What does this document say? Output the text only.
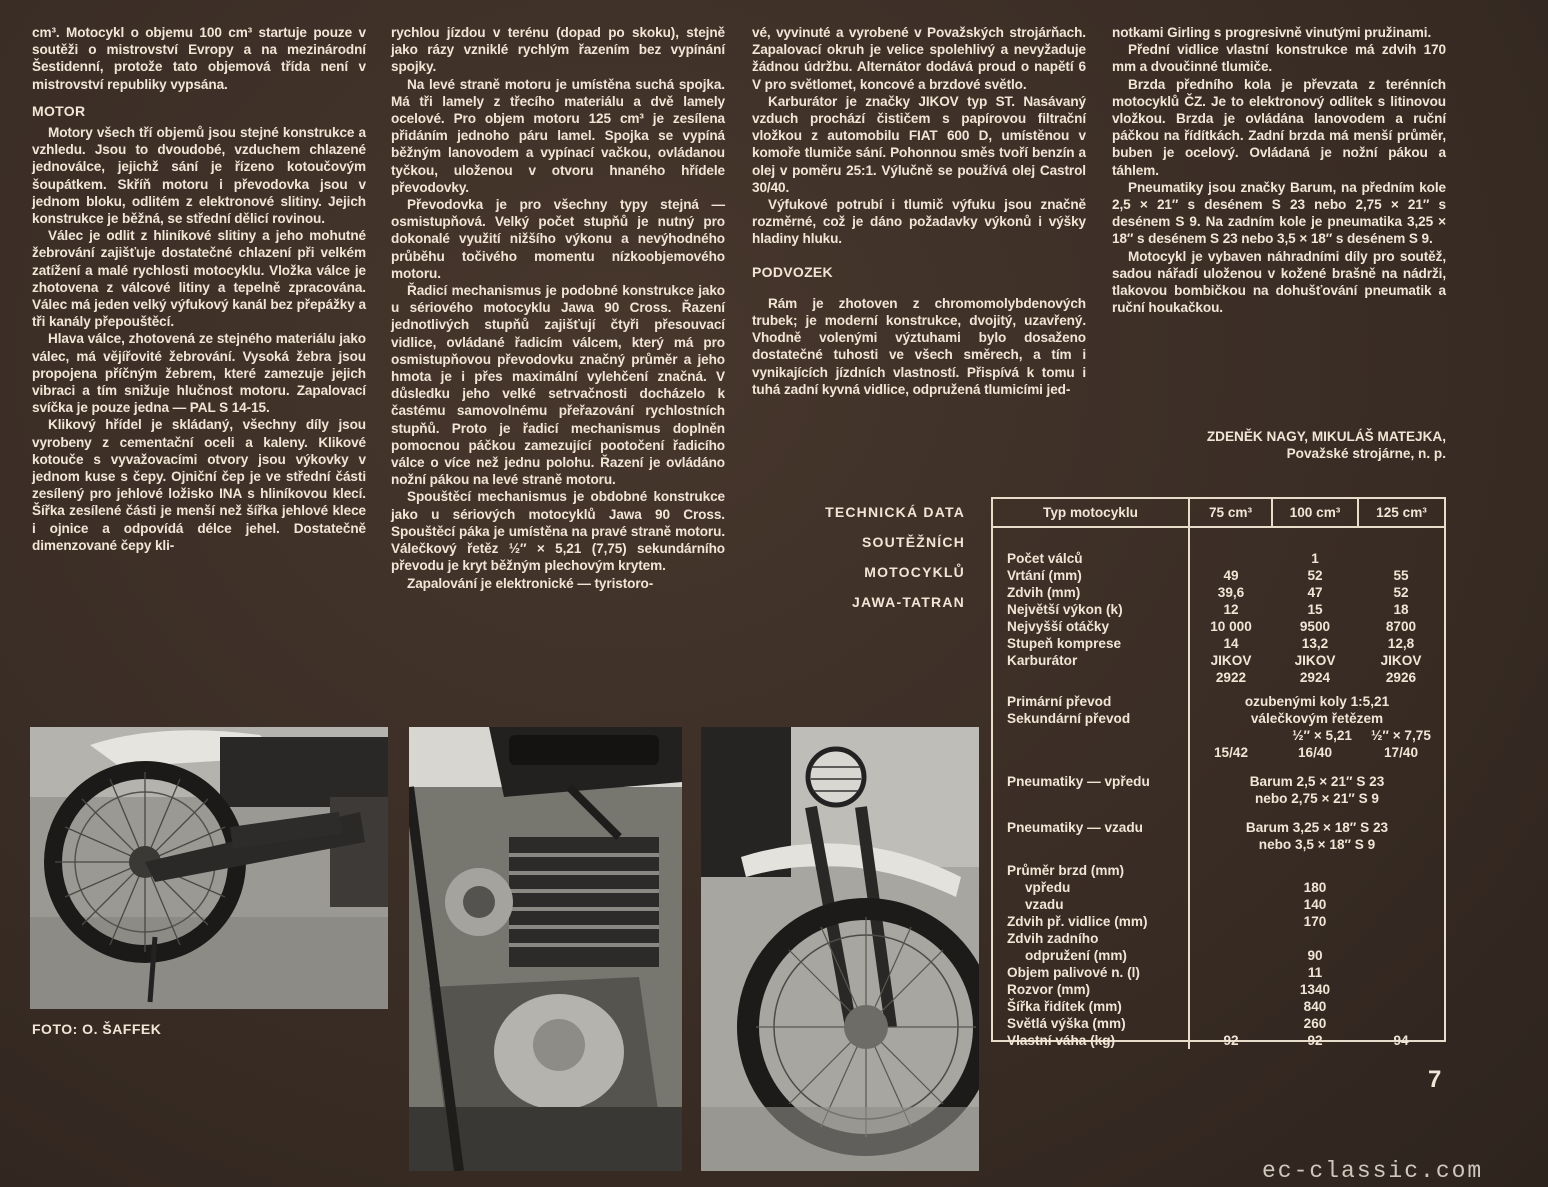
cm³. Motocykl o objemu 100 cm³ startuje pouze v soutěži o mistrovství Evropy a na mezinárodní Šestidenní, protože tato objemová třída není v mistrovství republiky vypsána.

MOTOR

Motory všech tří objemů jsou stejné konstrukce a vzhledu. Jsou to dvoudobé, vzduchem chlazené jednoválce, jejichž sání je řízeno kotoučovým šoupátkem. Skříň motoru i převodovka jsou v jednom bloku, odlitém z elektronové slitiny. Jejich konstrukce je běžná, se střední dělicí rovinou.

Válec je odlit z hliníkové slitiny a jeho mohutné žebrování zajišťuje dostatečné chlazení při velkém zatížení a malé rychlosti motocyklu. Vložka válce je zhotovena z válcové litiny a tepelně zpracována. Válec má jeden velký výfukový kanál bez přepážky a tři kanály přepouštěcí.

Hlava válce, zhotovená ze stejného materiálu jako válec, má vějířovité žebrování. Vysoká žebra jsou propojena příčným žebrem, které zamezuje jejich vibraci a tím snižuje hlučnost motoru. Zapalovací svíčka je pouze jedna — PAL S 14-15.

Klikový hřídel je skládaný, všechny díly jsou vyrobeny z cementační oceli a kaleny. Klikové kotouče s vyvažovacími otvory jsou výkovky v jednom kuse s čepy. Ojniční čep je ve střední části zesílený pro jehlové ložisko INA s hliníkovou klecí. Šířka zesílené části je menší než šířka jehlové klece i ojnice a odpovídá délce jehel. Dostatečně dimenzované čepy kli-

rychlou jízdou v terénu (dopad po skoku), stejně jako rázy vzniklé rychlým řazením bez vypínání spojky.

Na levé straně motoru je umístěna suchá spojka. Má tři lamely z třecího materiálu a dvě lamely ocelové. Pro objem motoru 125 cm³ je zesílena přidáním jednoho páru lamel. Spojka se vypíná běžným lanovodem a vypínací vačkou, ovládanou tyčkou, uloženou v otvoru hnaného hřídele převodovky.

Převodovka je pro všechny typy stejná — osmistupňová. Velký počet stupňů je nutný pro dokonalé využití nižšího výkonu a nevýhodného průběhu točivého momentu nízkoobjemového motoru.

Řadicí mechanismus je podobné konstrukce jako u sériového motocyklu Jawa 90 Cross. Řazení jednotlivých stupňů zajišťují čtyři přesouvací vidlice, ovládané řadicím válcem, který má pro osmistupňovou převodovku značný průměr a jeho hmota je i přes maximální vylehčení značná. V důsledku jeho velké setrvačnosti docházelo k častému samovolnému přeřazování rychlostních stupňů. Proto je řadicí mechanismus doplněn pomocnou páčkou zamezující pootočení řadicího válce o více než jednu polohu. Řazení je ovládáno nožní pákou na levé straně motoru.

Spouštěcí mechanismus je obdobné konstrukce jako u sériových motocyklů Jawa 90 Cross. Spouštěcí páka je umístěna na pravé straně motoru. Válečkový řetěz ½″ × 5,21 (7,75) sekundárního převodu je kryt běžným plechovým krytem.

Zapalování je elektronické — tyristoro-

vé, vyvinuté a vyrobené v Považských strojárňach. Zapalovací okruh je velice spolehlivý a nevyžaduje žádnou údržbu. Alternátor dodává proud o napětí 6 V pro světlomet, koncové a brzdové světlo.

Karburátor je značky JIKOV typ ST. Nasávaný vzduch prochází čističem s papírovou filtrační vložkou z automobilu FIAT 600 D, umístěnou v komoře tlumiče sání. Pohonnou směs tvoří benzín a olej v poměru 25:1. Výlučně se používá olej Castrol 30/40.

Výfukové potrubí i tlumič výfuku jsou značně rozměrné, což je dáno požadavky výkonů i výšky hladiny hluku.

PODVOZEK

Rám je zhotoven z chromomolybdenových trubek; je moderní konstrukce, dvojitý, uzavřený. Vhodně volenými výztuhami bylo dosaženo dostatečné tuhosti ve všech směrech, a tím i vynikajících jízdních vlastností. Přispívá k tomu i tuhá zadní kyvná vidlice, odpružená tlumicími jed-

notkami Girling s progresivně vinutými pružinami.

Přední vidlice vlastní konstrukce má zdvih 170 mm a dvoučinné tlumiče.

Brzda předního kola je převzata z terénních motocyklů ČZ. Je to elektronový odlitek s litinovou vložkou. Brzda je ovládána lanovodem a ruční páčkou na řídítkách. Zadní brzda má menší průměr, buben je ocelový. Ovládaná je nožní pákou a táhlem.

Pneumatiky jsou značky Barum, na předním kole 2,5 × 21″ s desénem S 23 nebo 2,75 × 21″ s desénem S 9. Na zadním kole je pneumatika 3,25 × 18″ s desénem S 23 nebo 3,5 × 18″ s desénem S 9.

Motocykl je vybaven náhradními díly pro soutěž, sadou nářadí uloženou v kožené brašně na nádrži, tlakovou bombičkou na dohušťování pneumatik a ruční houkačkou.

ZDENĚK NAGY, MIKULÁŠ MATEJKA,
Považské strojárne, n. p.
TECHNICKÁ DATA
SOUTĚŽNÍCH
MOTOCYKLŮ
JAWA-TATRAN
Typ motocyklu	75 cm³	100 cm³	125 cm³

Počet válců		1	
Vrtání (mm)	49	52	55
Zdvih (mm)	39,6	47	52
Největší výkon (k)	12	15	18
Nejvyšší otáčky	10 000	9500	8700
Stupeň komprese	14	13,2	12,8
Karburátor	JIKOV	JIKOV	JIKOV
	2922	2924	2926

Primární převod	ozubenými koly 1:5,21		
Sekundární převod	válečkovým řetězem		
	½″ × 5,21		½″ × 7,75
	15/42	16/40	17/40

Pneumatiky — vpředu	Barum 2,5 × 21″ S 23		
	nebo 2,75 × 21″ S 9		

Pneumatiky — vzadu	Barum 3,25 × 18″ S 23		
	nebo 3,5 × 18″ S 9		

Průměr brzd (mm)			
vpředu		180	
vzadu		140	
Zdvih př. vidlice (mm)		170	
Zdvih zadního			
odpružení (mm)		90	
Objem palivové n. (l)		11	
Rozvor (mm)		1340	
Šířka řidítek (mm)		840	
Světlá výška (mm)		260	
Vlastní váha (kg)	92	92	94
FOTO: O. ŠAFFEK
7
ec-classic.com
